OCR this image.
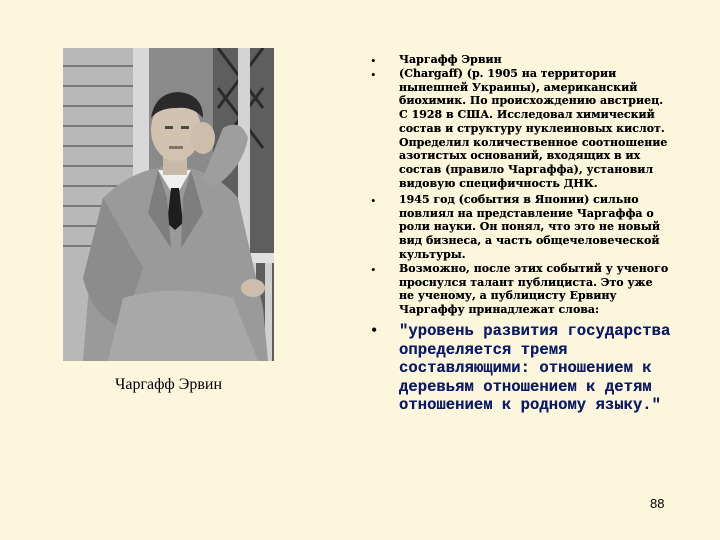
Чаргафф Эрвин
• Чаргафф Эрвин
• (Chargaff) (р. 1905 на территории нынешней Украины), американский биохимик. По происхождению австриец. С 1928 в США. Исследовал химический состав и структуру нуклеиновых кислот. Определил количественное соотношение азотистых оснований, входящих в их состав (правило Чаргаффа), установил видовую специфичность ДНК.
• 1945 год (события в Японии) сильно повлиял на представление Чаргаффа о роли науки. Он понял, что это не новый вид бизнеса, а часть общечеловеческой культуры.
• Возможно, после этих событий у ученого проснулся талант публициста. Это уже не ученому, а публицисту Ервину Чаргаффу принадлежат слова:
• "уровень развития государства определяется тремя составляющими: отношением к деревьям отношением к детям отношением к родному языку."
88
